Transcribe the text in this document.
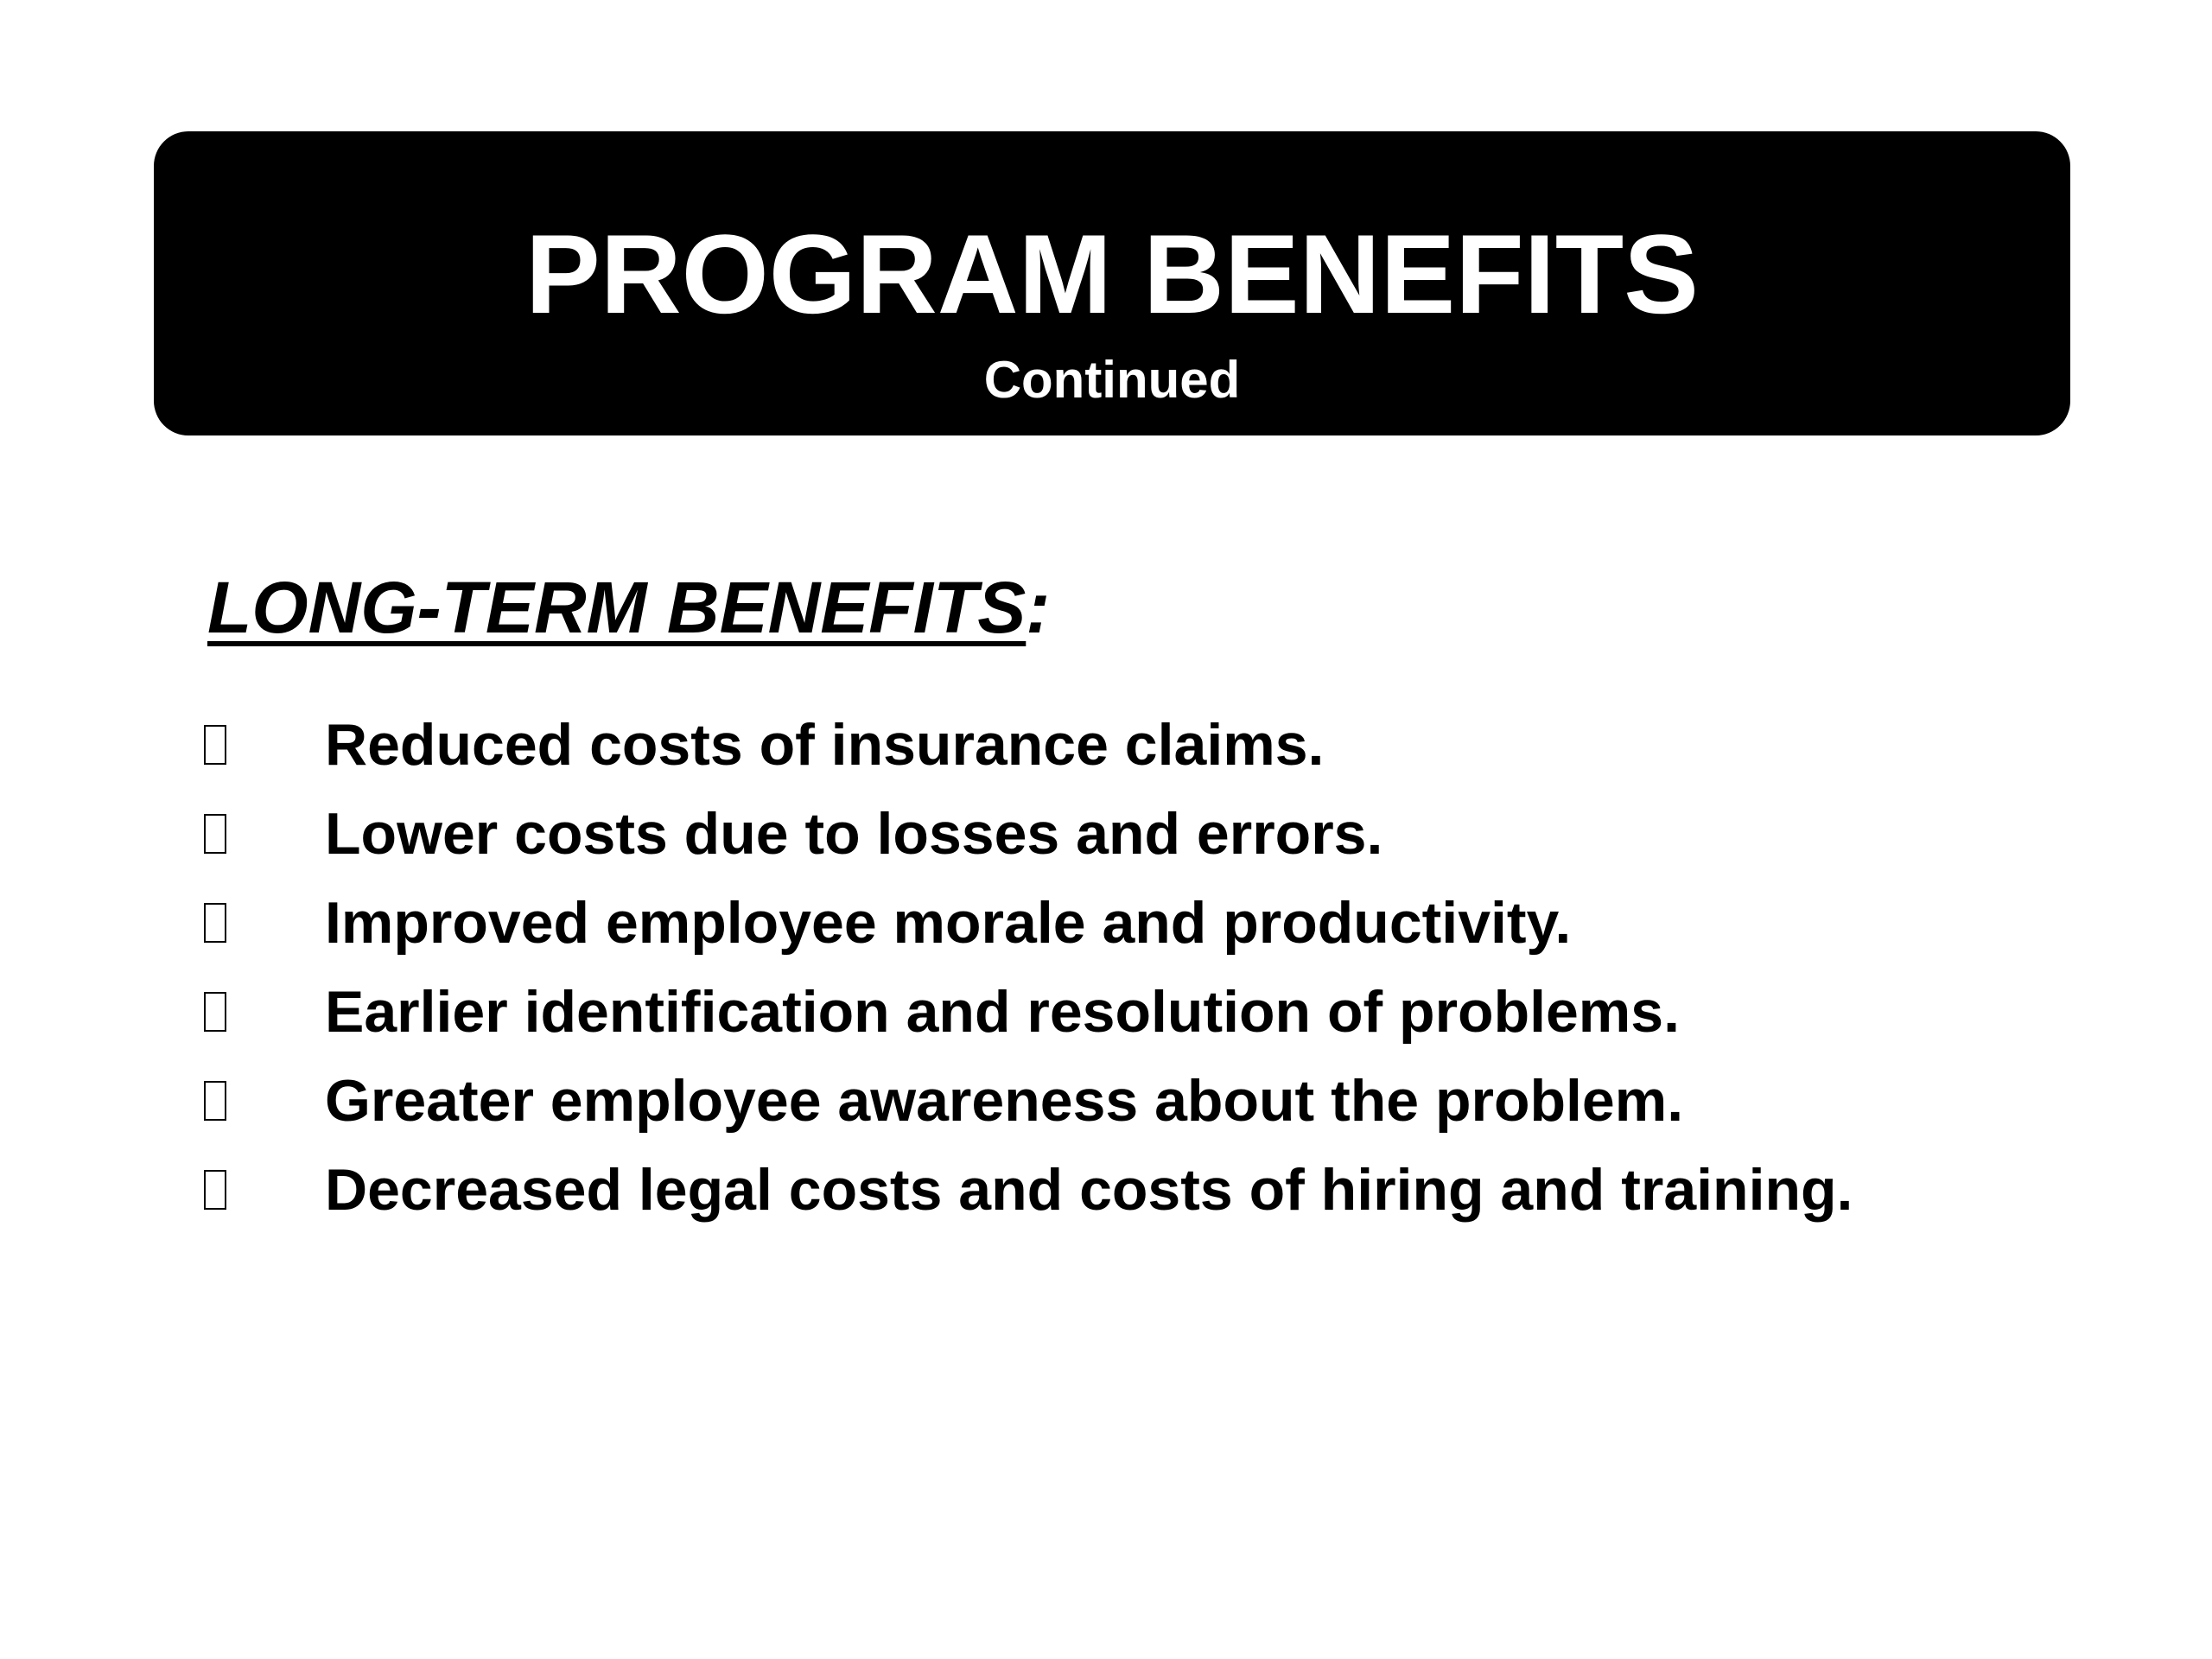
PROGRAM BENEFITS
Continued
LONG-TERM BENEFITS:
Reduced costs of insurance claims.
Lower costs due to losses and errors.
Improved employee morale and productivity.
Earlier identification and resolution of problems.
Greater employee awareness about the problem.
Decreased legal costs and costs of hiring and training.
